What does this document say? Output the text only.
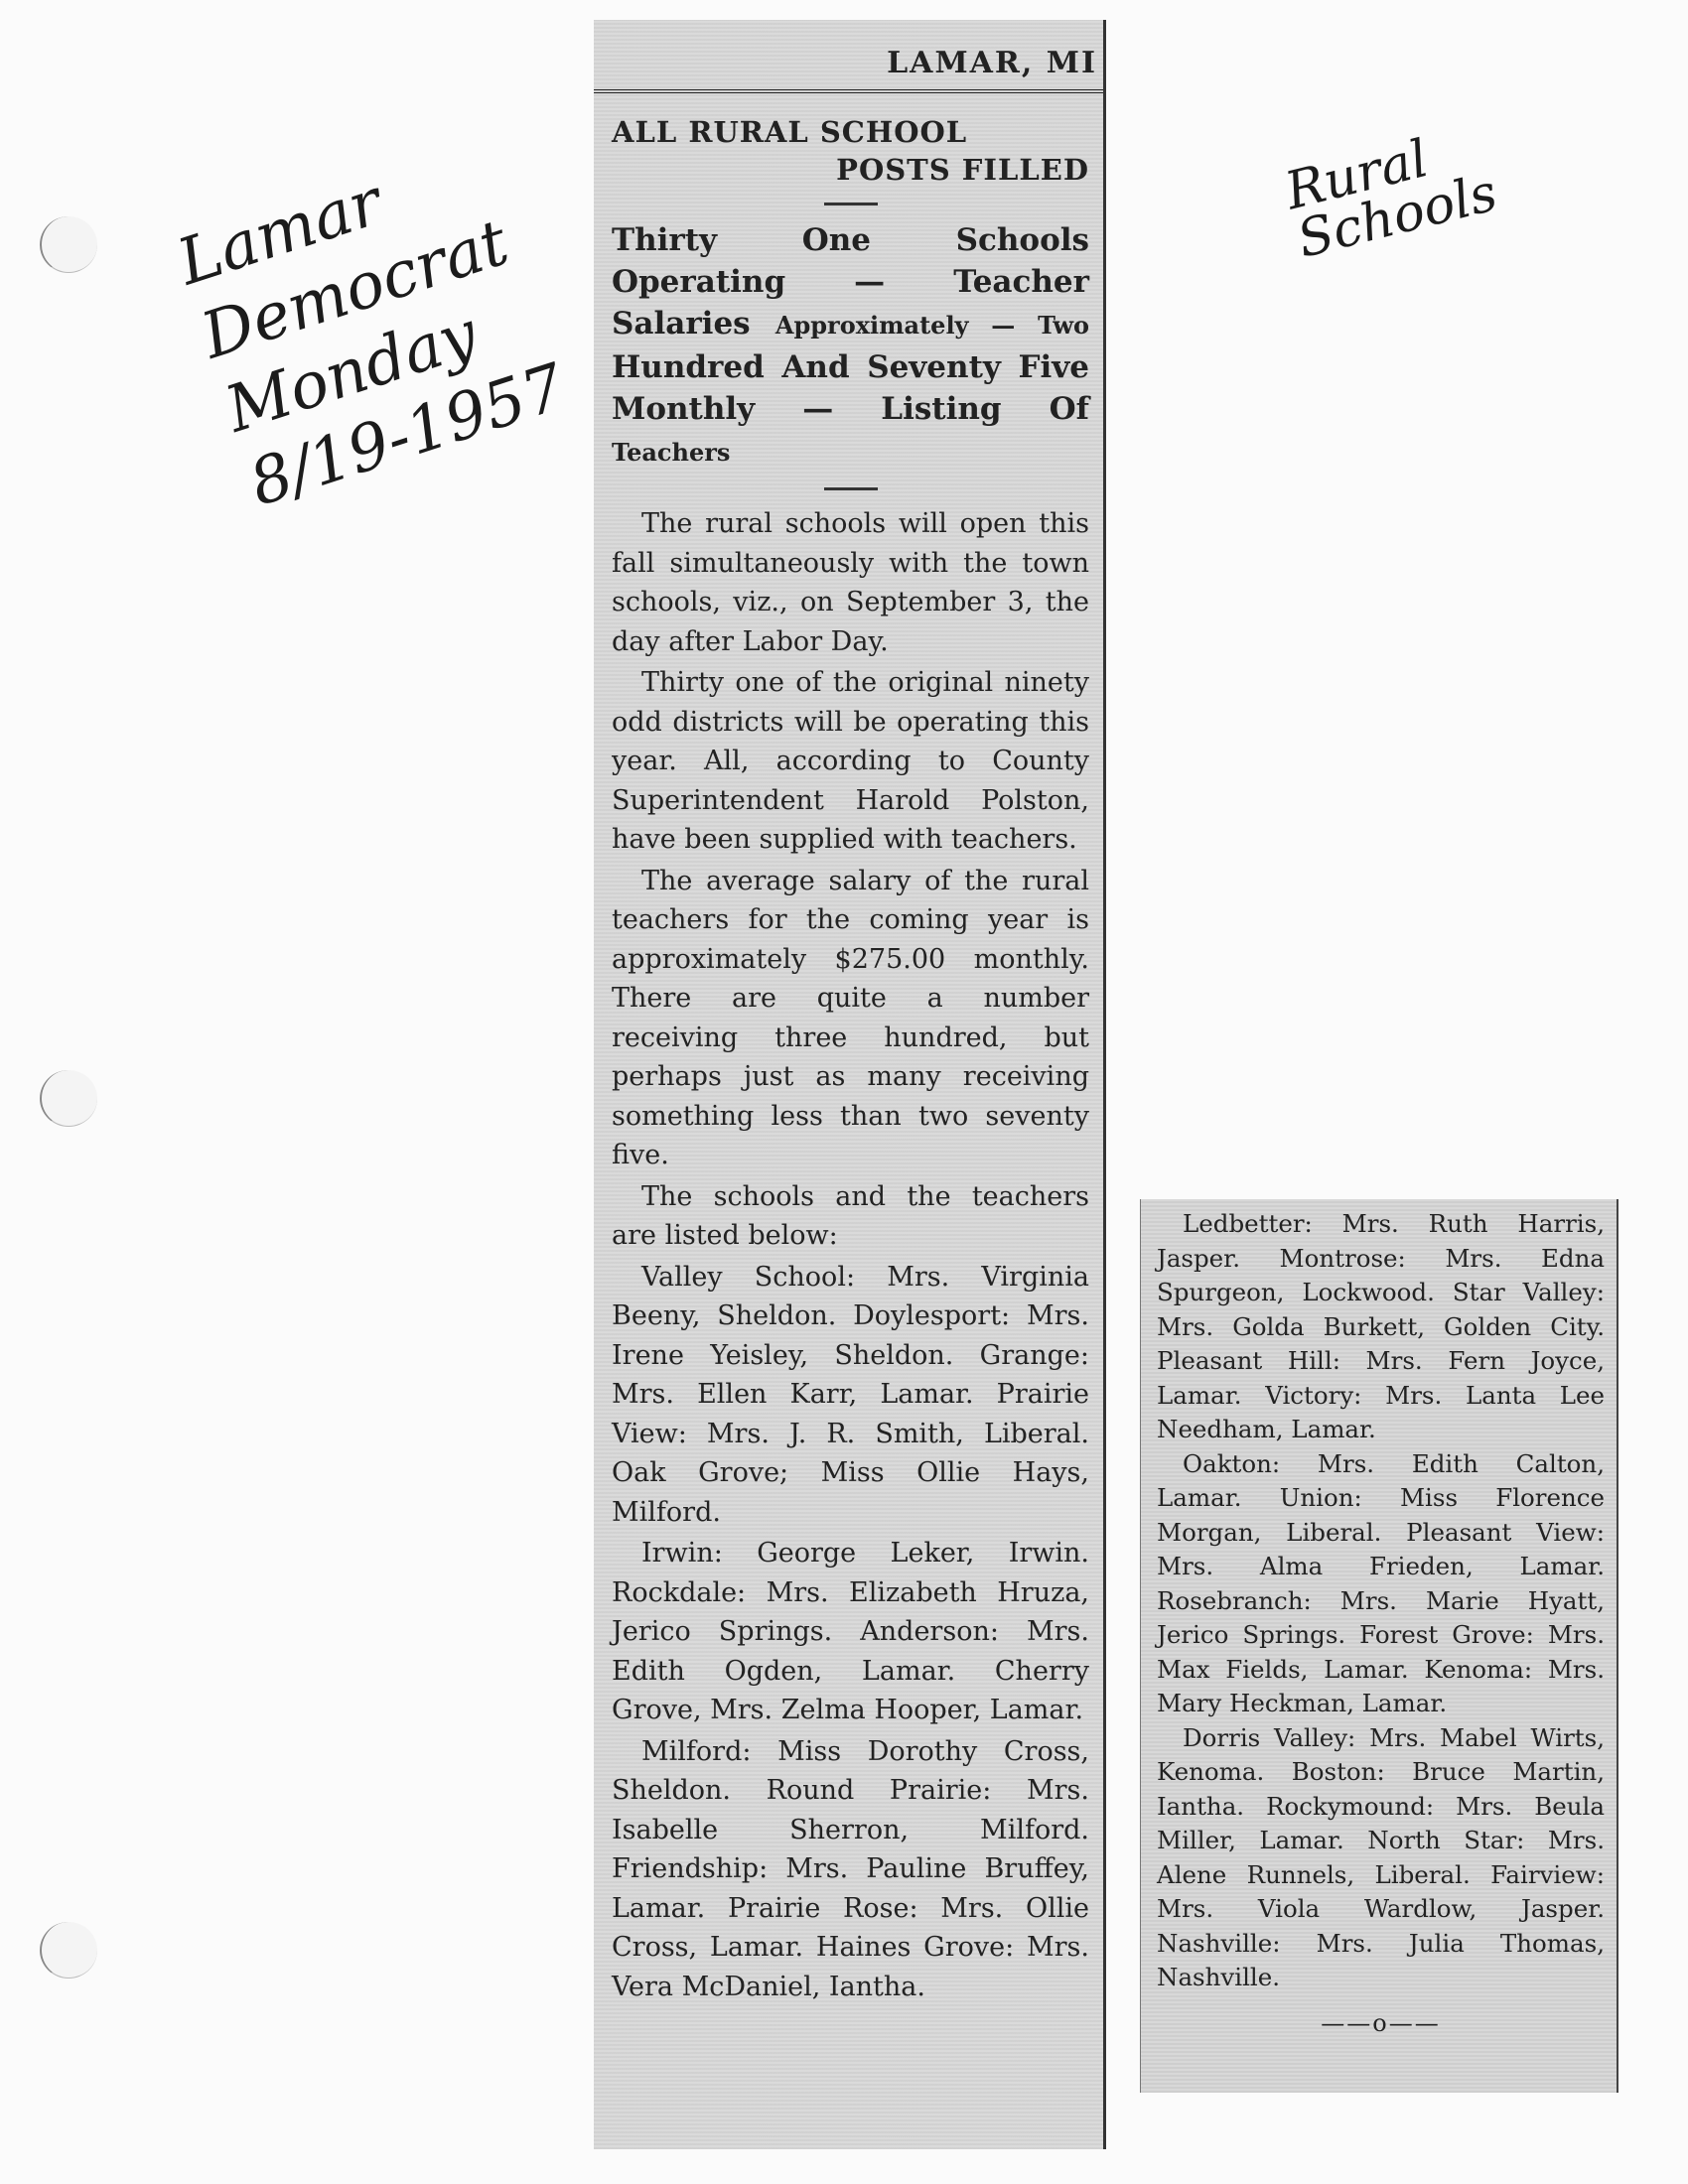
Lamar
Democrat
Monday
8/19-1957
Rural
Schools
LAMAR, MI
ALL RURAL SCHOOL
POSTS FILLED
Thirty One Schools Operating — Teacher Salaries Approximately — Two Hundred And Seventy Five Monthly — Listing Of Teachers

The rural schools will open this fall simultaneously with the town schools, viz., on September 3, the day after Labor Day.

Thirty one of the original ninety odd districts will be operating this year. All, according to County Superintendent Harold Polston, have been supplied with teachers.

The average salary of the rural teachers for the coming year is approximately $275.00 monthly. There are quite a number receiving three hundred, but perhaps just as many receiving something less than two seventy five.

The schools and the teachers are listed below:

Valley School: Mrs. Virginia Beeny, Sheldon. Doylesport: Mrs. Irene Yeisley, Sheldon. Grange: Mrs. Ellen Karr, Lamar. Prairie View: Mrs. J. R. Smith, Liberal. Oak Grove; Miss Ollie Hays, Milford.

Irwin: George Leker, Irwin. Rockdale: Mrs. Elizabeth Hruza, Jerico Springs. Anderson: Mrs. Edith Ogden, Lamar. Cherry Grove, Mrs. Zelma Hooper, Lamar.

Milford: Miss Dorothy Cross, Sheldon. Round Prairie: Mrs. Isabelle Sherron, Milford. Friendship: Mrs. Pauline Bruffey, Lamar. Prairie Rose: Mrs. Ollie Cross, Lamar. Haines Grove: Mrs. Vera McDaniel, Iantha.

Ledbetter: Mrs. Ruth Harris, Jasper. Montrose: Mrs. Edna Spurgeon, Lockwood. Star Valley: Mrs. Golda Burkett, Golden City. Pleasant Hill: Mrs. Fern Joyce, Lamar. Victory: Mrs. Lanta Lee Needham, Lamar.

Oakton: Mrs. Edith Calton, Lamar. Union: Miss Florence Morgan, Liberal. Pleasant View: Mrs. Alma Frieden, Lamar. Rosebranch: Mrs. Marie Hyatt, Jerico Springs. Forest Grove: Mrs. Max Fields, Lamar. Kenoma: Mrs. Mary Heckman, Lamar.

Dorris Valley: Mrs. Mabel Wirts, Kenoma. Boston: Bruce Martin, Iantha. Rockymound: Mrs. Beula Miller, Lamar. North Star: Mrs. Alene Runnels, Liberal. Fairview: Mrs. Viola Wardlow, Jasper. Nashville: Mrs. Julia Thomas, Nashville.

——o——
